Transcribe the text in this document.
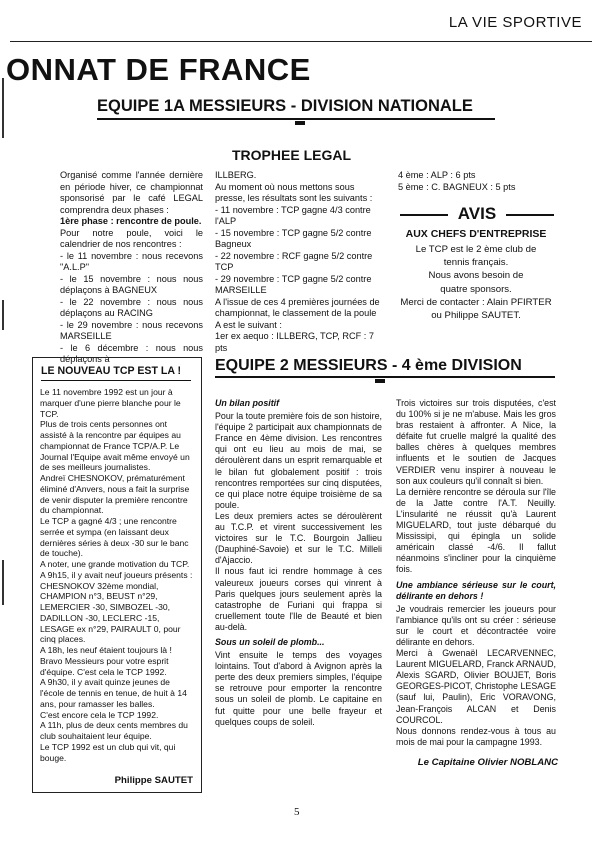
LA VIE SPORTIVE
ONNAT DE FRANCE
EQUIPE 1A MESSIEURS - DIVISION NATIONALE
TROPHEE LEGAL

Organisé comme l'année dernière en période hiver, ce championnat sponsorisé par le café LEGAL comprendra deux phases :

1ère phase : rencontre de poule.

Pour notre poule, voici le calendrier de nos rencontres :

- le 11 novembre : nous recevons "A.L.P"

- le 15 novembre : nous nous déplaçons à BAGNEUX

- le 22 novembre : nous nous déplaçons au RACING

- le 29 novembre : nous recevons MARSEILLE

- le 6 décembre : nous nous déplaçons à

ILLBERG.

Au moment où nous mettons sous presse, les résultats sont les suivants :

- 11 novembre : TCP gagne 4/3 contre l'ALP

- 15 novembre : TCP gagne 5/2 contre Bagneux

- 22 novembre : RCF gagne 5/2 contre TCP

- 29 novembre : TCP gagne 5/2 contre MARSEILLE

A l'issue de ces 4 premières journées de championnat, le classement de la poule A est le suivant :

1er ex aequo : ILLBERG, TCP, RCF : 7 pts

4 ème : ALP : 6 pts

5 ème : C. BAGNEUX : 5 pts

AVIS
AUX CHEFS D'ENTREPRISE

Le TCP est le 2 ème club de

tennis français.

Nous avons besoin de

quatre sponsors.

Merci de contacter : Alain PFIRTER

ou Philippe SAUTET.

LE NOUVEAU TCP EST LA !

Le 11 novembre 1992 est un jour à marquer d'une pierre blanche pour le TCP.

Plus de trois cents personnes ont assisté à la rencontre par équipes au championnat de France TCP/A.P. Le Journal l'Equipe avait même envoyé un de ses meilleurs journalistes.

Andreï CHESNOKOV, prématurément éliminé d'Anvers, nous a fait la surprise de venir disputer la première rencontre du championnat.

Le TCP a gagné 4/3 ; une rencontre serrée et sympa (en laissant deux dernières séries à deux -30 sur le banc de touche).

A noter, une grande motivation du TCP.

A 9h15, il y avait neuf joueurs présents : CHESNOKOV 32ème mondial, CHAMPION n°3, BEUST n°29, LEMERCIER -30, SIMBOZEL -30, DADILLON -30, LECLERC -15, LESAGE ex n°29, PAIRAULT 0, pour cinq places.

A 18h, les neuf étaient toujours là !

Bravo Messieurs pour votre esprit d'équipe. C'est cela le TCP 1992.

A 9h30, il y avait quinze jeunes de l'école de tennis en tenue, de huit à 14 ans, pour ramasser les balles.

C'est encore cela le TCP 1992.

A 11h, plus de deux cents membres du club souhaitaient leur équipe.

Le TCP 1992 est un club qui vit, qui bouge.

Philippe SAUTET
EQUIPE 2 MESSIEURS - 4 ème DIVISION

Un bilan positif

Pour la toute première fois de son histoire, l'équipe 2 participait aux championnats de France en 4ème division. Les rencontres qui ont eu lieu au mois de mai, se déroulèrent dans un esprit remarquable et le bilan fut globalement positif : trois rencontres remportées sur cinq disputées, ce qui place notre équipe troisième de sa poule.

Les deux premiers actes se déroulèrent au T.C.P. et virent successivement les victoires sur le T.C. Bourgoin Jallieu (Dauphiné-Savoie) et sur le T.C. Milleli d'Ajaccio.

Il nous faut ici rendre hommage à ces valeureux joueurs corses qui vinrent à Paris quelques jours seulement après la catastrophe de Furiani qui frappa si cruellement toute l'Ile de Beauté et bien au-delà.

Sous un soleil de plomb...

Vint ensuite le temps des voyages lointains. Tout d'abord à Avignon après la perte des deux premiers simples, l'équipe se retrouve pour emporter la rencontre sous un soleil de plomb. Le capitaine en fut quitte pour une belle frayeur et quelques coups de soleil.

Trois victoires sur trois disputées, c'est du 100% si je ne m'abuse. Mais les gros bras restaient à affronter. A Nice, la défaite fut cruelle malgré la qualité des balles chères à quelques membres influents et le soutien de Jacques VERDIER venu inspirer à nouveau le son aux couleurs qu'il connaît si bien.

La dernière rencontre se déroula sur l'île de la Jatte contre l'A.T. Neuilly. L'insularité ne réussit qu'à Laurent MIGUELARD, tout juste débarqué du Mississipi, qui épingla un solide américain classé -4/6. Il fallut néanmoins s'incliner pour la cinquième fois.

Une ambiance sérieuse sur le court, délirante en dehors !

Je voudrais remercier les joueurs pour l'ambiance qu'ils ont su créer : sérieuse sur le court et décontractée voire délirante en dehors.

Merci à Gwenaël LECARVENNEC, Laurent MIGUELARD, Franck ARNAUD, Alexis SGARD, Olivier BOUJET, Boris GEORGES-PICOT, Christophe LESAGE (sauf lui, Paulin), Eric VORAVONG, Jean-François ALCAN et Denis COURCOL.

Nous donnons rendez-vous à tous au mois de mai pour la campagne 1993.

Le Capitaine Olivier NOBLANC
5
